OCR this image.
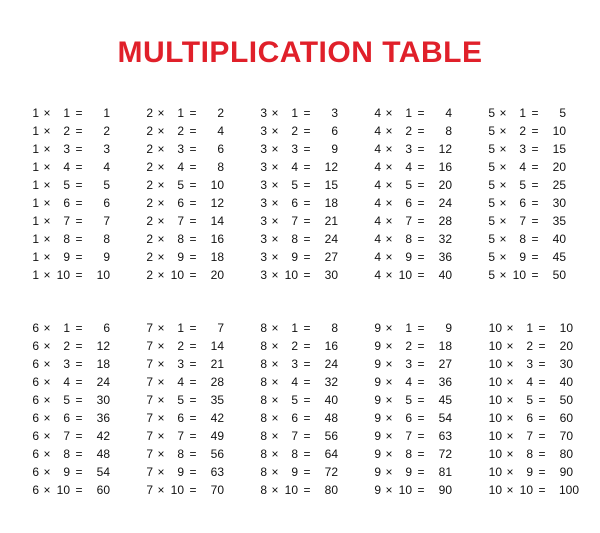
MULTIPLICATION TABLE
1 ×	1 =	1
1 ×	2 =	2
1 ×	3 =	3
1 ×	4 =	4
1 ×	5 =	5
1 ×	6 =	6
1 ×	7 =	7
1 ×	8 =	8
1 ×	9 =	9
1 × 10 =	10
2 ×	1 =	2
2 ×	2 =	4
2 ×	3 =	6
2 ×	4 =	8
2 ×	5 =	10
2 ×	6 =	12
2 ×	7 =	14
2 ×	8 =	16
2 ×	9 =	18
2 × 10 =	20
3 ×	1 =	3
3 ×	2 =	6
3 ×	3 =	9
3 ×	4 =	12
3 ×	5 =	15
3 ×	6 =	18
3 ×	7 =	21
3 ×	8 =	24
3 ×	9 =	27
3 × 10 =	30
4 ×	1 =	4
4 ×	2 =	8
4 ×	3 =	12
4 ×	4 =	16
4 ×	5 =	20
4 ×	6 =	24
4 ×	7 =	28
4 ×	8 =	32
4 ×	9 =	36
4 × 10 =	40
5 ×	1 =	5
5 ×	2 =	10
5 ×	3 =	15
5 ×	4 =	20
5 ×	5 =	25
5 ×	6 =	30
5 ×	7 =	35
5 ×	8 =	40
5 ×	9 =	45
5 × 10 =	50
6 ×	1 =	6
6 ×	2 =	12
6 ×	3 =	18
6 ×	4 =	24
6 ×	5 =	30
6 ×	6 =	36
6 ×	7 =	42
6 ×	8 =	48
6 ×	9 =	54
6 × 10 =	60
7 ×	1 =	7
7 ×	2 =	14
7 ×	3 =	21
7 ×	4 =	28
7 ×	5 =	35
7 ×	6 =	42
7 ×	7 =	49
7 ×	8 =	56
7 ×	9 =	63
7 × 10 =	70
8 ×	1 =	8
8 ×	2 =	16
8 ×	3 =	24
8 ×	4 =	32
8 ×	5 =	40
8 ×	6 =	48
8 ×	7 =	56
8 ×	8 =	64
8 ×	9 =	72
8 × 10 =	80
9 ×	1 =	9
9 ×	2 =	18
9 ×	3 =	27
9 ×	4 =	36
9 ×	5 =	45
9 ×	6 =	54
9 ×	7 =	63
9 ×	8 =	72
9 ×	9 =	81
9 × 10 =	90
10 ×	1 =	10
10 ×	2 =	20
10 ×	3 =	30
10 ×	4 =	40
10 ×	5 =	50
10 ×	6 =	60
10 ×	7 =	70
10 ×	8 =	80
10 ×	9 =	90
10 × 10 =	100
